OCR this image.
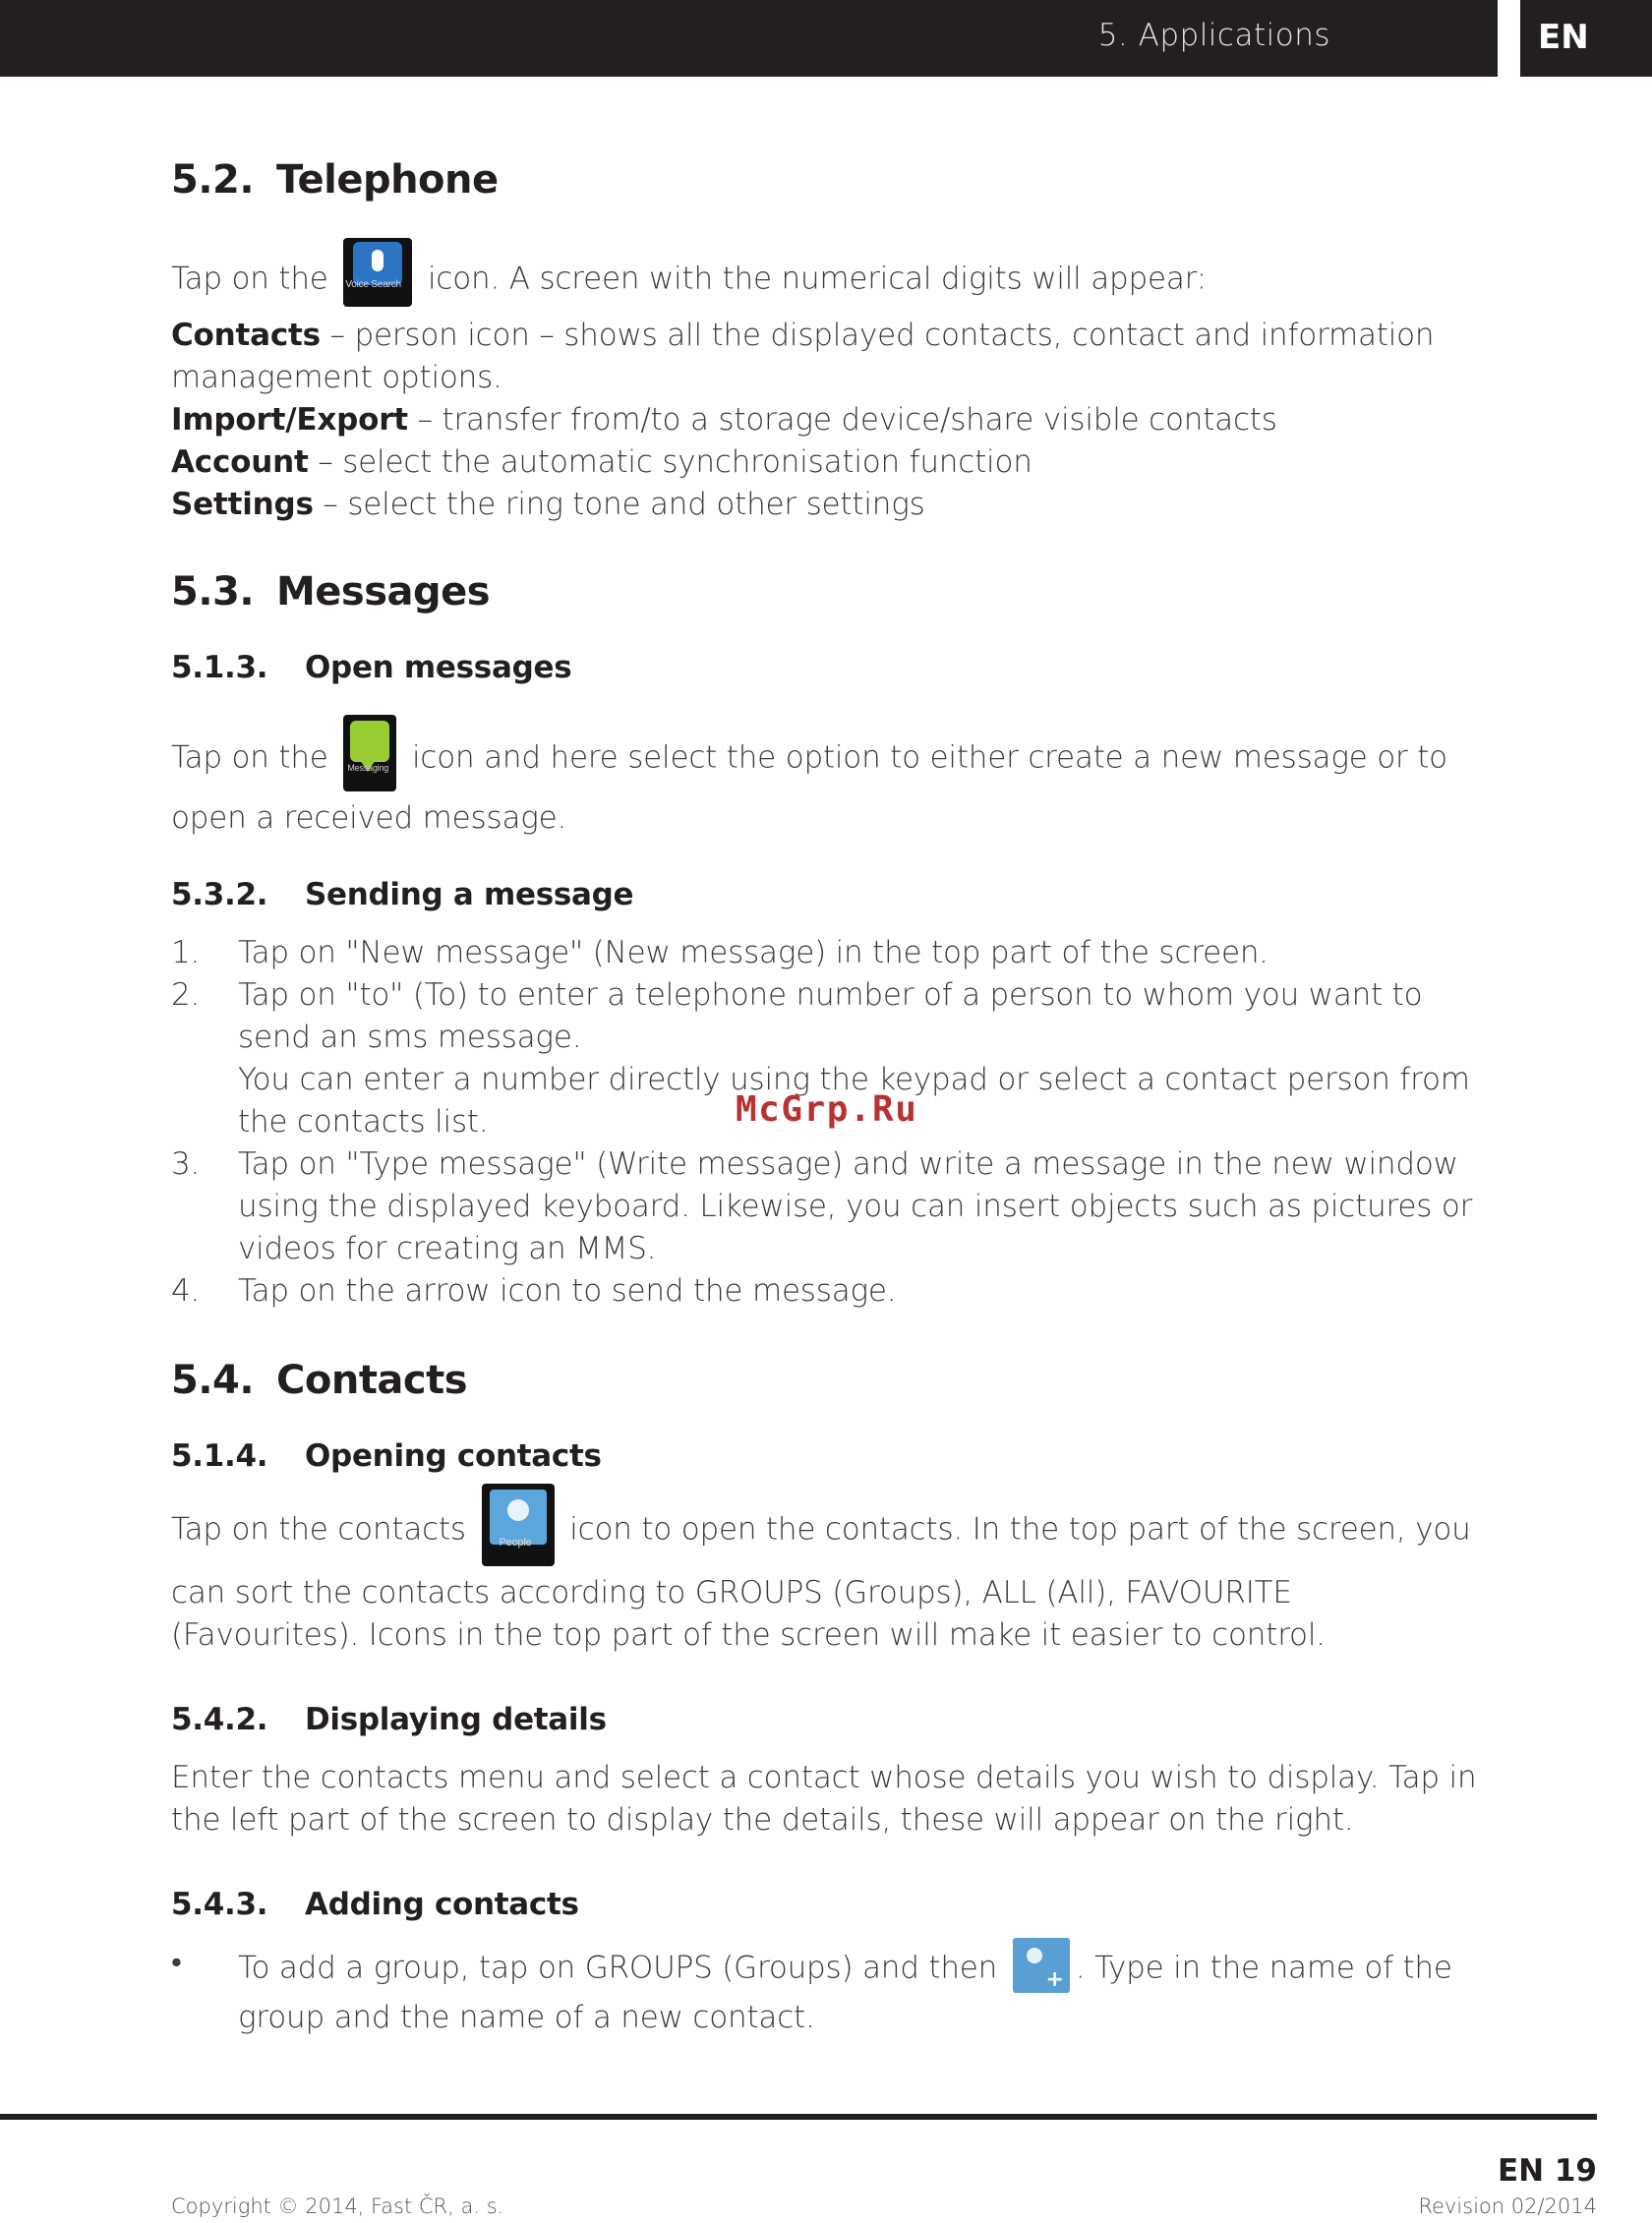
5. Applications	EN
5.2. Telephone

Tap on the Voice Search icon. A screen with the numerical digits will appear:

Contacts – person icon – shows all the displayed contacts, contact and information management options.

Import/Export – transfer from/to a storage device/share visible contacts

Account – select the automatic synchronisation function

Settings – select the ring tone and other settings

5.3. Messages
5.1.3.	Open messages

Tap on the Messaging icon and here select the option to either create a new message or to open a received message.

5.3.2.	Sending a message
1.	Tap on "New message" (New message) in the top part of the screen.
2.	Tap on "to" (To) to enter a telephone number of a person to whom you want to send an sms message.
You can enter a number directly using the keypad or select a contact person from the contacts list.
3.	Tap on "Type message" (Write message) and write a message in the new window using the displayed keyboard. Likewise, you can insert objects such as pictures or videos for creating an MMS.
4.	Tap on the arrow icon to send the message.
5.4. Contacts
5.1.4.	Opening contacts

Tap on the contacts	People icon to open the contacts. In the top part of the screen, you can sort the contacts according to GROUPS (Groups), ALL (All), FAVOURITE (Favourites). Icons in the top part of the screen will make it easier to control.

5.4.2.	Displaying details

Enter the contacts menu and select a contact whose details you wish to display. Tap in the left part of the screen to display the details, these will appear on the right.

5.4.3.	Adding contacts
•	To add a group, tap on GROUPS (Groups) and then +	. Type in the name of the group and the name of a new contact.
McGrp.Ru
EN 19
Copyright © 2014, Fast ČR, a. s.	Revision 02/2014
